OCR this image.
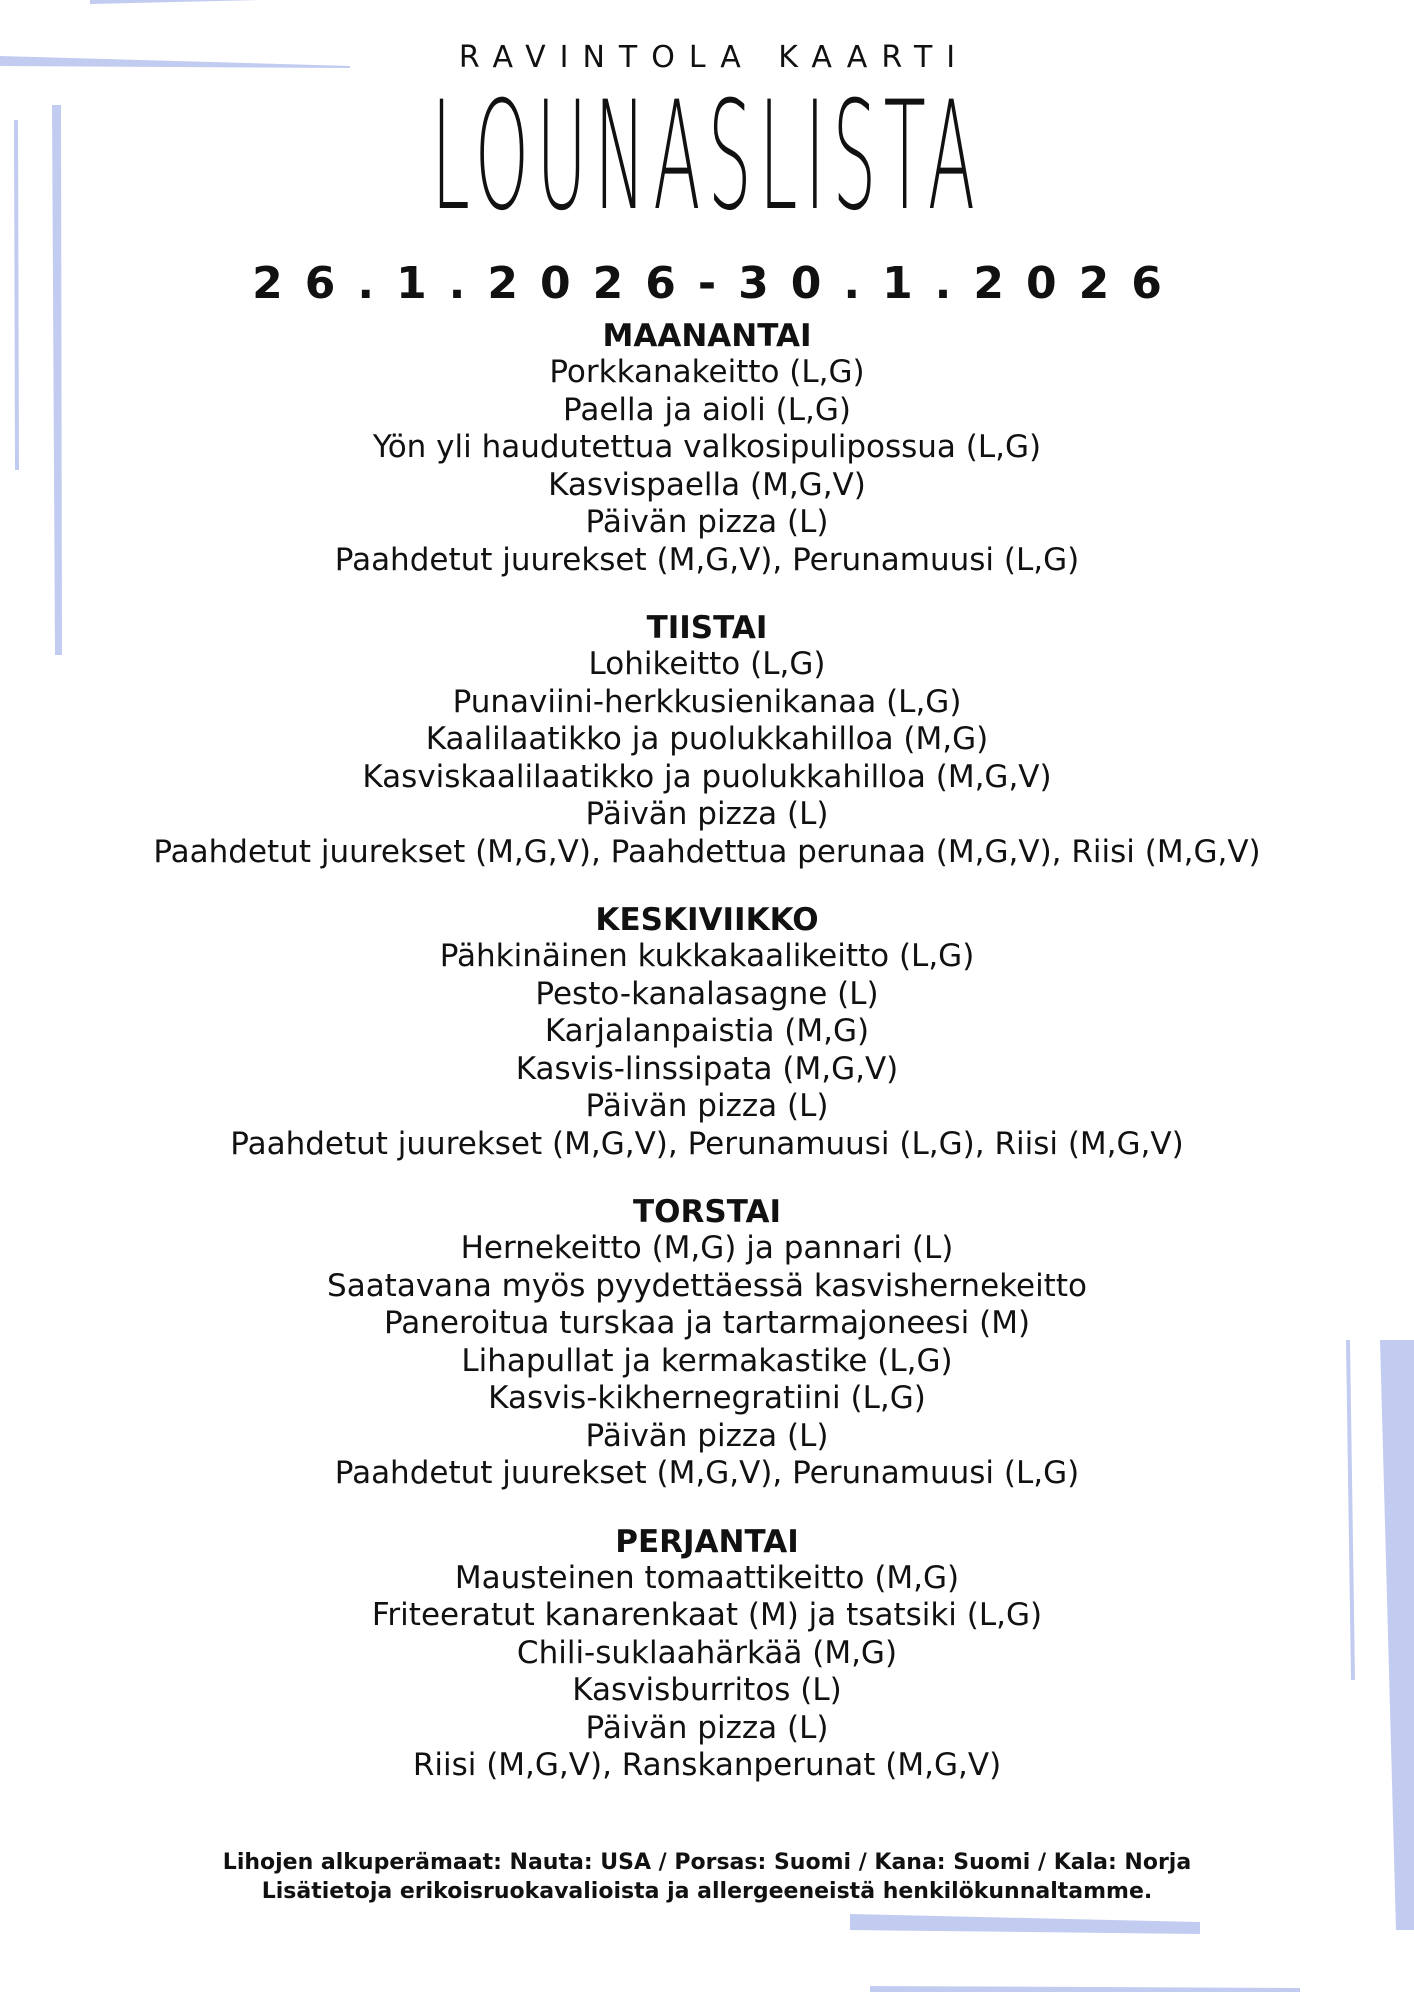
RAVINTOLA KAARTI
LOUNASLISTA
26.1.2026-30.1.2026
MAANANTAI
Porkkanakeitto (L,G)
Paella ja aioli (L,G)
Yön yli haudutettua valkosipulipossua (L,G)
Kasvispaella (M,G,V)
Päivän pizza (L)
Paahdetut juurekset (M,G,V), Perunamuusi (L,G)
TIISTAI
Lohikeitto (L,G)
Punaviini-herkkusienikanaa (L,G)
Kaalilaatikko ja puolukkahilloa (M,G)
Kasviskaalilaatikko ja puolukkahilloa (M,G,V)
Päivän pizza (L)
Paahdetut juurekset (M,G,V), Paahdettua perunaa (M,G,V), Riisi (M,G,V)
KESKIVIIKKO
Pähkinäinen kukkakaalikeitto (L,G)
Pesto-kanalasagne (L)
Karjalanpaistia (M,G)
Kasvis-linssipata (M,G,V)
Päivän pizza (L)
Paahdetut juurekset (M,G,V), Perunamuusi (L,G), Riisi (M,G,V)
TORSTAI
Hernekeitto (M,G) ja pannari (L)
Saatavana myös pyydettäessä kasvishernekeitto
Paneroitua turskaa ja tartarmajoneesi (M)
Lihapullat ja kermakastike (L,G)
Kasvis-kikhernegratiini (L,G)
Päivän pizza (L)
Paahdetut juurekset (M,G,V), Perunamuusi (L,G)
PERJANTAI
Mausteinen tomaattikeitto (M,G)
Friteeratut kanarenkaat (M) ja tsatsiki (L,G)
Chili-suklaahärkää (M,G)
Kasvisburritos (L)
Päivän pizza (L)
Riisi (M,G,V), Ranskanperunat (M,G,V)
Lihojen alkuperämaat: Nauta: USA / Porsas: Suomi / Kana: Suomi / Kala: Norja
Lisätietoja erikoisruokavalioista ja allergeeneistä henkilökunnaltamme.
